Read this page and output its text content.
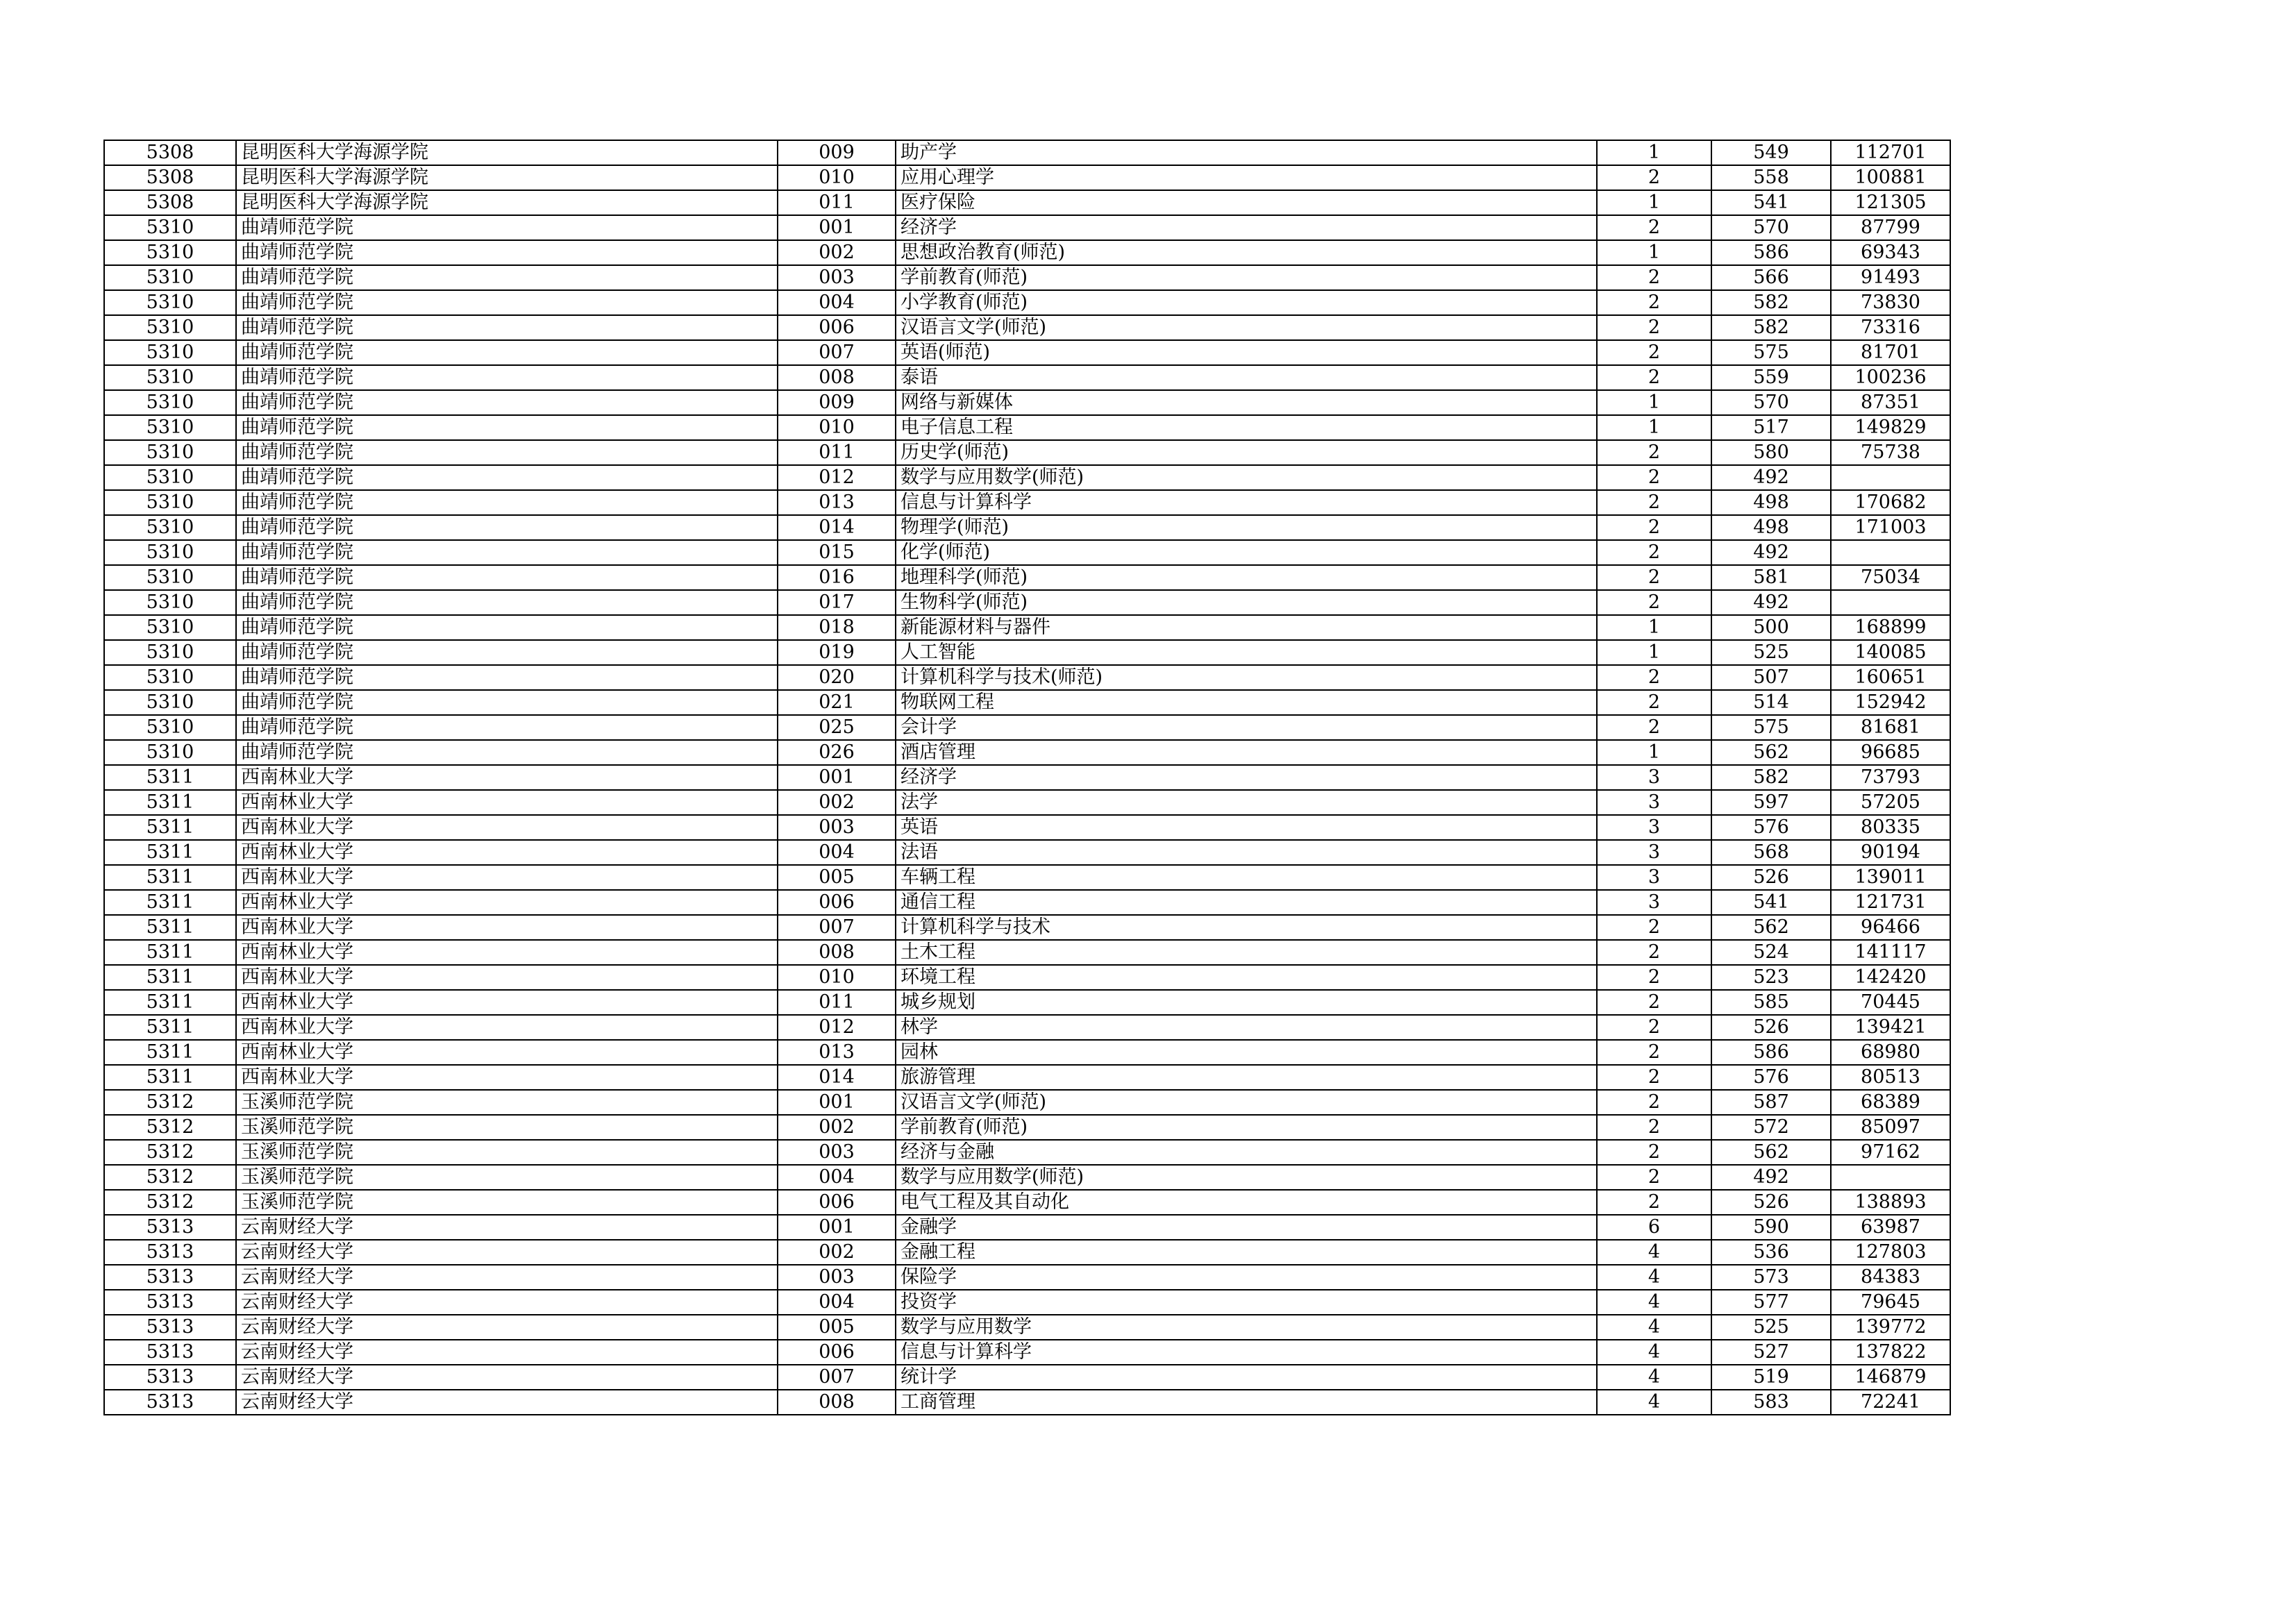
5308	昆明医科大学海源学院	009	助产学	1	549	112701
5308	昆明医科大学海源学院	010	应用心理学	2	558	100881
5308	昆明医科大学海源学院	011	医疗保险	1	541	121305
5310	曲靖师范学院	001	经济学	2	570	87799
5310	曲靖师范学院	002	思想政治教育(师范)	1	586	69343
5310	曲靖师范学院	003	学前教育(师范)	2	566	91493
5310	曲靖师范学院	004	小学教育(师范)	2	582	73830
5310	曲靖师范学院	006	汉语言文学(师范)	2	582	73316
5310	曲靖师范学院	007	英语(师范)	2	575	81701
5310	曲靖师范学院	008	泰语	2	559	100236
5310	曲靖师范学院	009	网络与新媒体	1	570	87351
5310	曲靖师范学院	010	电子信息工程	1	517	149829
5310	曲靖师范学院	011	历史学(师范)	2	580	75738
5310	曲靖师范学院	012	数学与应用数学(师范)	2	492	
5310	曲靖师范学院	013	信息与计算科学	2	498	170682
5310	曲靖师范学院	014	物理学(师范)	2	498	171003
5310	曲靖师范学院	015	化学(师范)	2	492	
5310	曲靖师范学院	016	地理科学(师范)	2	581	75034
5310	曲靖师范学院	017	生物科学(师范)	2	492	
5310	曲靖师范学院	018	新能源材料与器件	1	500	168899
5310	曲靖师范学院	019	人工智能	1	525	140085
5310	曲靖师范学院	020	计算机科学与技术(师范)	2	507	160651
5310	曲靖师范学院	021	物联网工程	2	514	152942
5310	曲靖师范学院	025	会计学	2	575	81681
5310	曲靖师范学院	026	酒店管理	1	562	96685
5311	西南林业大学	001	经济学	3	582	73793
5311	西南林业大学	002	法学	3	597	57205
5311	西南林业大学	003	英语	3	576	80335
5311	西南林业大学	004	法语	3	568	90194
5311	西南林业大学	005	车辆工程	3	526	139011
5311	西南林业大学	006	通信工程	3	541	121731
5311	西南林业大学	007	计算机科学与技术	2	562	96466
5311	西南林业大学	008	土木工程	2	524	141117
5311	西南林业大学	010	环境工程	2	523	142420
5311	西南林业大学	011	城乡规划	2	585	70445
5311	西南林业大学	012	林学	2	526	139421
5311	西南林业大学	013	园林	2	586	68980
5311	西南林业大学	014	旅游管理	2	576	80513
5312	玉溪师范学院	001	汉语言文学(师范)	2	587	68389
5312	玉溪师范学院	002	学前教育(师范)	2	572	85097
5312	玉溪师范学院	003	经济与金融	2	562	97162
5312	玉溪师范学院	004	数学与应用数学(师范)	2	492	
5312	玉溪师范学院	006	电气工程及其自动化	2	526	138893
5313	云南财经大学	001	金融学	6	590	63987
5313	云南财经大学	002	金融工程	4	536	127803
5313	云南财经大学	003	保险学	4	573	84383
5313	云南财经大学	004	投资学	4	577	79645
5313	云南财经大学	005	数学与应用数学	4	525	139772
5313	云南财经大学	006	信息与计算科学	4	527	137822
5313	云南财经大学	007	统计学	4	519	146879
5313	云南财经大学	008	工商管理	4	583	72241
